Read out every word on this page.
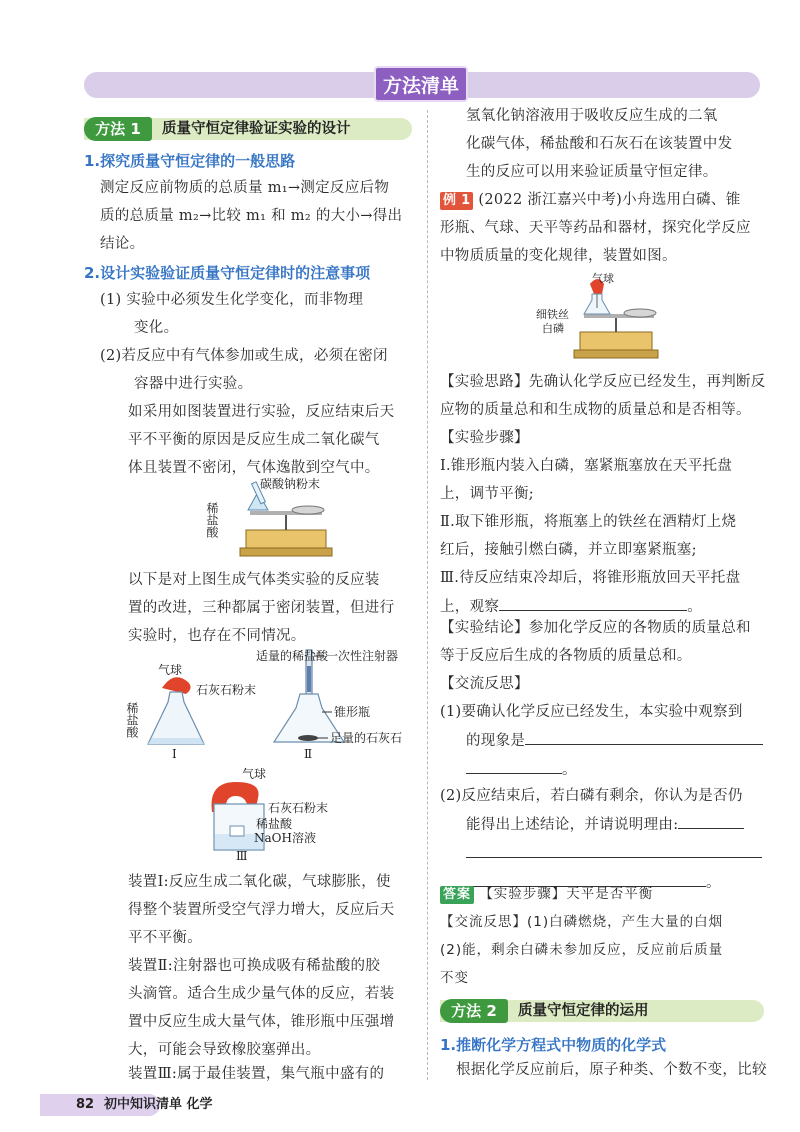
方法清单
方法 1	质量守恒定律验证实验的设计
1.探究质量守恒定律的一般思路
测定反应前物质的总质量 m₁→测定反应后物
质的总质量 m₂→比较 m₁ 和 m₂ 的大小→得出
结论。
2.设计实验验证质量守恒定律时的注意事项
(1) 实验中必须发生化学变化，而非物理
变化。
(2)若反应中有气体参加或生成，必须在密闭
容器中进行实验。
如采用如图装置进行实验，反应结束后天
平不平衡的原因是反应生成二氧化碳气
体且装置不密闭，气体逸散到空气中。
稀盐酸
碳酸钠粉末
以下是对上图生成气体类实验的反应装
置的改进，三种都属于密闭装置，但进行
实验时，也存在不同情况。
气球
稀盐酸
石灰石粉末
I
适量的稀盐酸
一次性注射器
锥形瓶
足量的石灰石
Ⅱ
气球
石灰石粉末
稀盐酸
NaOH溶液
Ⅲ
装置Ⅰ:反应生成二氧化碳，气球膨胀，使
得整个装置所受空气浮力增大，反应后天
平不平衡。
装置Ⅱ:注射器也可换成吸有稀盐酸的胶
头滴管。适合生成少量气体的反应，若装
置中反应生成大量气体，锥形瓶中压强增
大，可能会导致橡胶塞弹出。
装置Ⅲ:属于最佳装置，集气瓶中盛有的
氢氧化钠溶液用于吸收反应生成的二氧
化碳气体，稀盐酸和石灰石在该装置中发
生的反应可以用来验证质量守恒定律。
例 1 (2022 浙江嘉兴中考)小舟选用白磷、锥
形瓶、气球、天平等药品和器材，探究化学反应
中物质质量的变化规律，装置如图。
气球
细铁丝
白磷
【实验思路】先确认化学反应已经发生，再判断反
应物的质量总和和生成物的质量总和是否相等。
【实验步骤】
Ⅰ.锥形瓶内装入白磷，塞紧瓶塞放在天平托盘
上，调节平衡;
Ⅱ.取下锥形瓶，将瓶塞上的铁丝在酒精灯上烧
红后，接触引燃白磷，并立即塞紧瓶塞;
Ⅲ.待反应结束冷却后，将锥形瓶放回天平托盘
上，观察	。
【实验结论】参加化学反应的各物质的质量总和
等于反应后生成的各物质的质量总和。
【交流反思】
(1)要确认化学反应已经发生，本实验中观察到
的现象是
。
(2)反应结束后，若白磷有剩余，你认为是否仍
能得出上述结论，并请说明理由:
。
答案 【实验步骤】天平是否平衡
【交流反思】(1)白磷燃烧，产生大量的白烟
(2)能，剩余白磷未参加反应，反应前后质量
不变
方法 2	质量守恒定律的运用
1.推断化学方程式中物质的化学式
根据化学反应前后，原子种类、个数不变，比较
82 初中知识清单 化学
